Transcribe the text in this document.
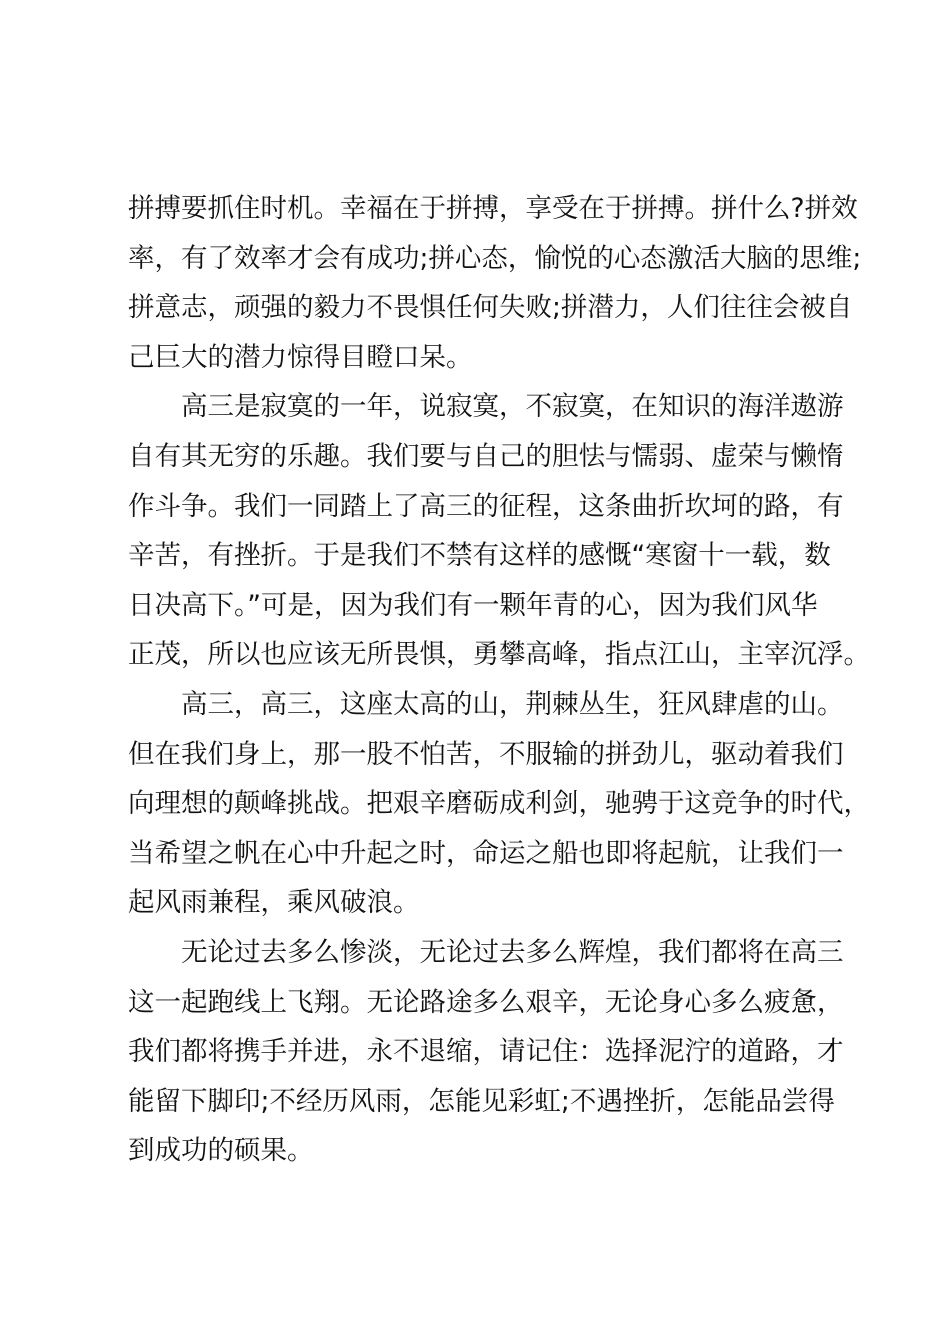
拼搏要抓住时机。幸福在于拼搏，享受在于拼搏。拼什么?拼效
率，有了效率才会有成功;拼心态，愉悦的心态激活大脑的思维;
拼意志，顽强的毅力不畏惧任何失败;拼潜力，人们往往会被自
己巨大的潜力惊得目瞪口呆。
高三是寂寞的一年，说寂寞，不寂寞，在知识的海洋遨游
自有其无穷的乐趣。我们要与自己的胆怯与懦弱、虚荣与懒惰
作斗争。我们一同踏上了高三的征程，这条曲折坎坷的路，有
辛苦，有挫折。于是我们不禁有这样的感慨“寒窗十一载，数
日决高下。”可是，因为我们有一颗年青的心，因为我们风华
正茂，所以也应该无所畏惧，勇攀高峰，指点江山，主宰沉浮。
高三，高三，这座太高的山，荆棘丛生，狂风肆虐的山。
但在我们身上，那一股不怕苦，不服输的拼劲儿，驱动着我们
向理想的颠峰挑战。把艰辛磨砺成利剑，驰骋于这竞争的时代，
当希望之帆在心中升起之时，命运之船也即将起航，让我们一
起风雨兼程，乘风破浪。
无论过去多么惨淡，无论过去多么辉煌，我们都将在高三
这一起跑线上飞翔。无论路途多么艰辛，无论身心多么疲惫，
我们都将携手并进，永不退缩，请记住：选择泥泞的道路，才
能留下脚印;不经历风雨，怎能见彩虹;不遇挫折，怎能品尝得
到成功的硕果。
